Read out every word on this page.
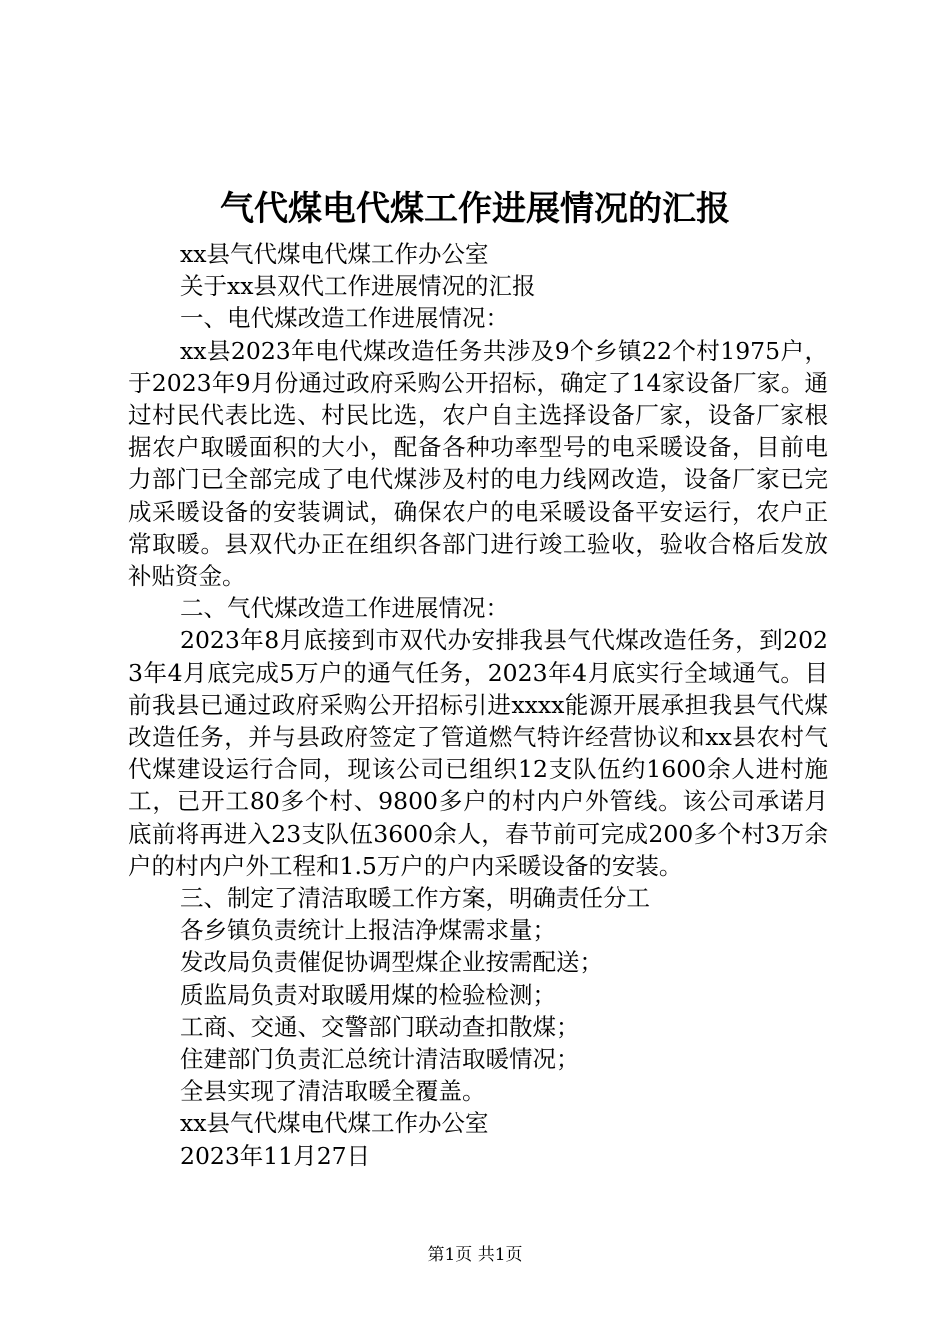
气代煤电代煤工作进展情况的汇报

xx县气代煤电代煤工作办公室

关于xx县双代工作进展情况的汇报

一、电代煤改造工作进展情况：

xx县2023年电代煤改造任务共涉及9个乡镇22个村1975户，于2023年9月份通过政府采购公开招标，确定了14家设备厂家。通过村民代表比选、村民比选，农户自主选择设备厂家，设备厂家根据农户取暖面积的大小，配备各种功率型号的电采暖设备，目前电力部门已全部完成了电代煤涉及村的电力线网改造，设备厂家已完成采暖设备的安装调试，确保农户的电采暖设备平安运行，农户正常取暖。县双代办正在组织各部门进行竣工验收，验收合格后发放补贴资金。

二、气代煤改造工作进展情况：

2023年8月底接到市双代办安排我县气代煤改造任务，到2023年4月底完成5万户的通气任务，2023年4月底实行全域通气。目前我县已通过政府采购公开招标引进xxxx能源开展承担我县气代煤改造任务，并与县政府签定了管道燃气特许经营协议和xx县农村气代煤建设运行合同，现该公司已组织12支队伍约1600余人进村施工，已开工80多个村、9800多户的村内户外管线。该公司承诺月底前将再进入23支队伍3600余人，春节前可完成200多个村3万余户的村内户外工程和1.5万户的户内采暖设备的安装。

三、制定了清洁取暖工作方案，明确责任分工

各乡镇负责统计上报洁净煤需求量；

发改局负责催促协调型煤企业按需配送；

质监局负责对取暖用煤的检验检测；

工商、交通、交警部门联动查扣散煤；

住建部门负责汇总统计清洁取暖情况；

全县实现了清洁取暖全覆盖。

xx县气代煤电代煤工作办公室

2023年11月27日

第1页 共1页
